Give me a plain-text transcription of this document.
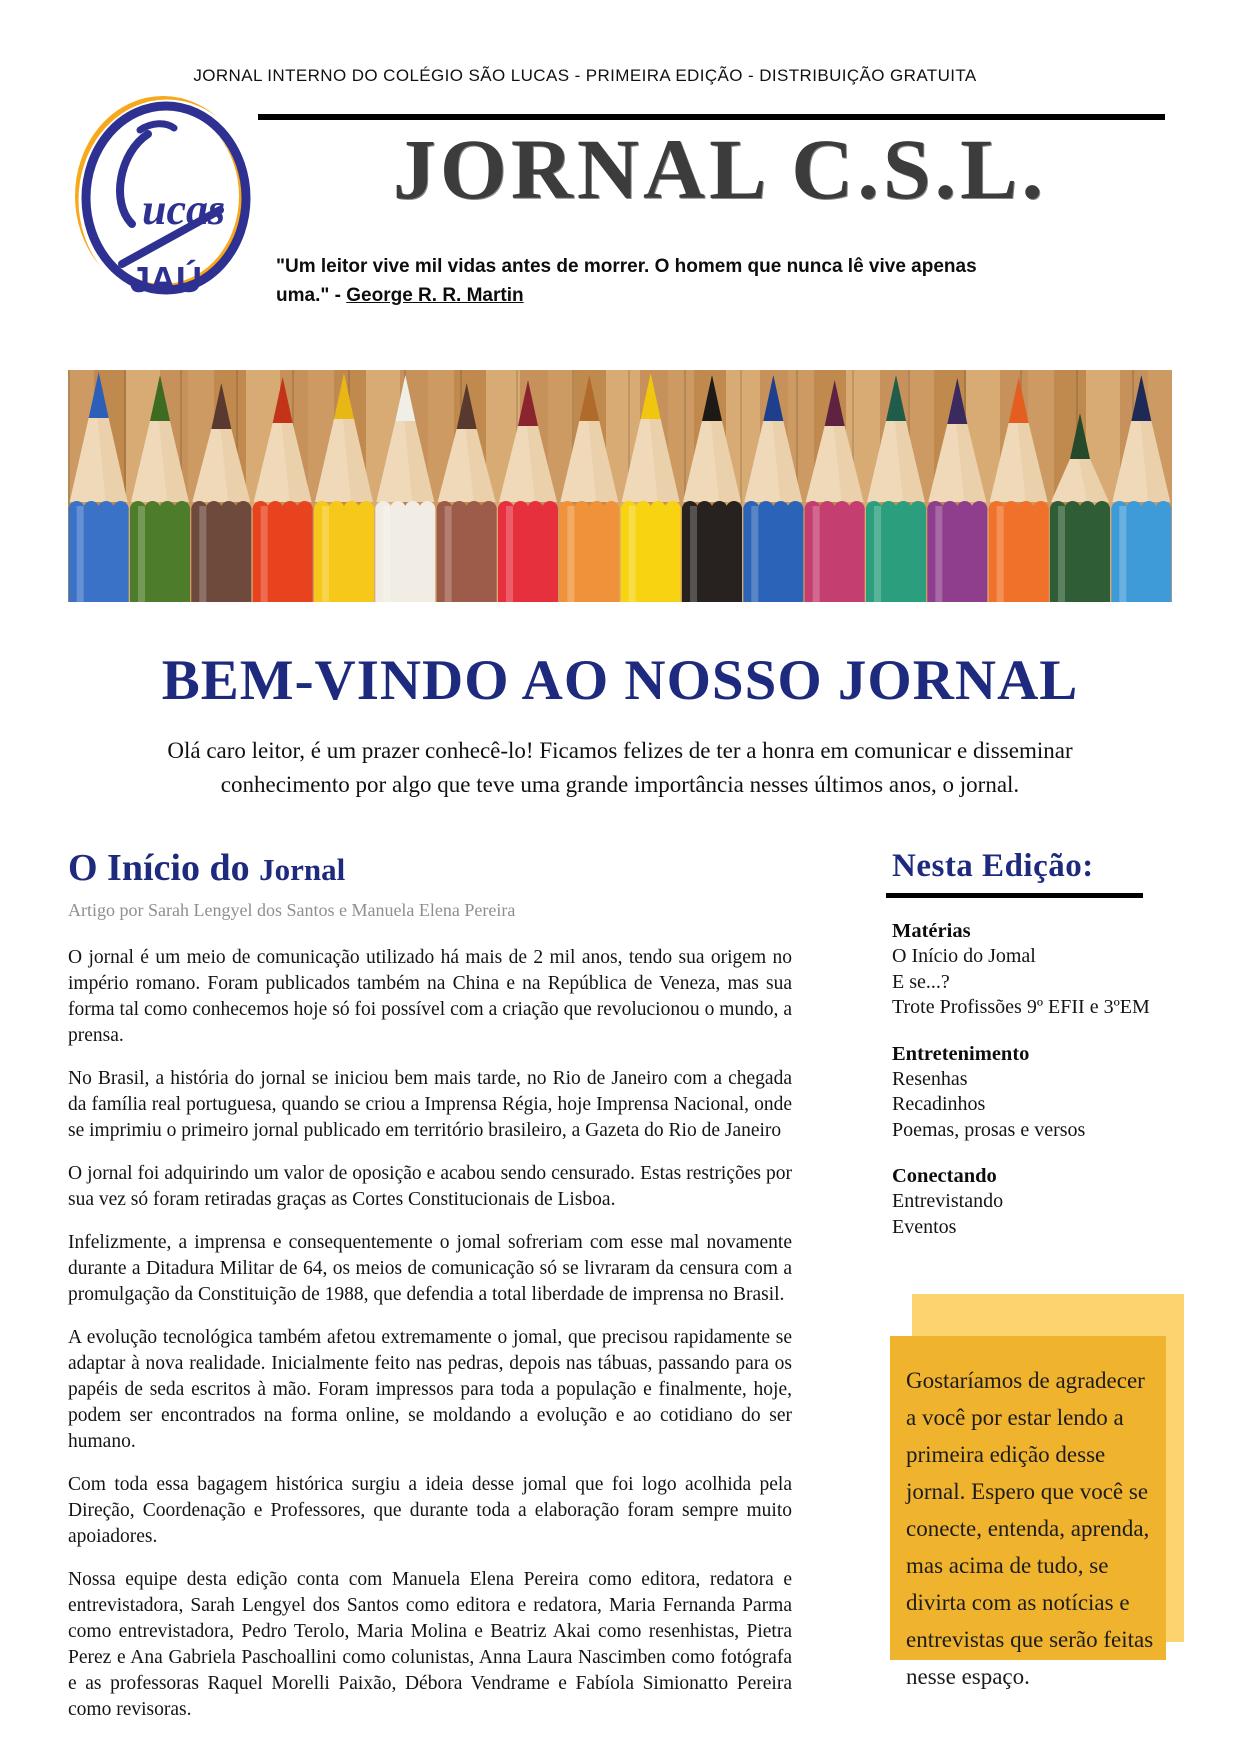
JORNAL INTERNO DO COLÉGIO SÃO LUCAS - PRIMEIRA EDIÇÃO - DISTRIBUIÇÃO GRATUITA
ucas
JAÚ
JORNAL C.S.L.
"Um leitor vive mil vidas antes de morrer. O homem que nunca lê vive apenas uma." - George R. R. Martin
BEM-VINDO AO NOSSO JORNAL
Olá caro leitor, é um prazer conhecê-lo! Ficamos felizes de ter a honra em comunicar e disseminar conhecimento por algo que teve uma grande importância nesses últimos anos, o jornal.
O Início do Jornal
Artigo por Sarah Lengyel dos Santos e Manuela Elena Pereira

O jornal é um meio de comunicação utilizado há mais de 2 mil anos, tendo sua origem no império romano. Foram publicados também na China e na República de Veneza, mas sua forma tal como conhecemos hoje só foi possível com a criação que revolucionou o mundo, a prensa.

No Brasil, a história do jornal se iniciou bem mais tarde, no Rio de Janeiro com a chegada da família real portuguesa, quando se criou a Imprensa Régia, hoje Imprensa Nacional, onde se imprimiu o primeiro jornal publicado em território brasileiro, a Gazeta do Rio de Janeiro

O jornal foi adquirindo um valor de oposição e acabou sendo censurado. Estas restrições por sua vez só foram retiradas graças as Cortes Constitucionais de Lisboa.

Infelizmente, a imprensa e consequentemente o jomal sofreriam com esse mal novamente durante a Ditadura Militar de 64, os meios de comunicação só se livraram da censura com a promulgação da Constituição de 1988, que defendia a total liberdade de imprensa no Brasil.

A evolução tecnológica também afetou extremamente o jomal, que precisou rapidamente se adaptar à nova realidade. Inicialmente feito nas pedras, depois nas tábuas, passando para os papéis de seda escritos à mão. Foram impressos para toda a população e finalmente, hoje, podem ser encontrados na forma online, se moldando a evolução e ao cotidiano do ser humano.

Com toda essa bagagem histórica surgiu a ideia desse jomal que foi logo acolhida pela Direção, Coordenação e Professores, que durante toda a elaboração foram sempre muito apoiadores.

Nossa equipe desta edição conta com Manuela Elena Pereira como editora, redatora e entrevistadora, Sarah Lengyel dos Santos como editora e redatora, Maria Fernanda Parma como entrevistadora, Pedro Terolo, Maria Molina e Beatriz Akai como resenhistas, Pietra Perez e Ana Gabriela Paschoallini como colunistas, Anna Laura Nascimben como fotógrafa e as professoras Raquel Morelli Paixão, Débora Vendrame e Fabíola Simionatto Pereira como revisoras.

Nesta Edição:
Matérias
O Início do Jomal
E se...?
Trote Profissões 9º EFII e 3ºEM
Entretenimento
Resenhas
Recadinhos
Poemas, prosas e versos
Conectando
Entrevistando
Eventos
Gostaríamos de agradecer a você por estar lendo a primeira edição desse jornal. Espero que você se conecte, entenda, aprenda, mas acima de tudo, se divirta com as notícias e entrevistas que serão feitas nesse espaço.
